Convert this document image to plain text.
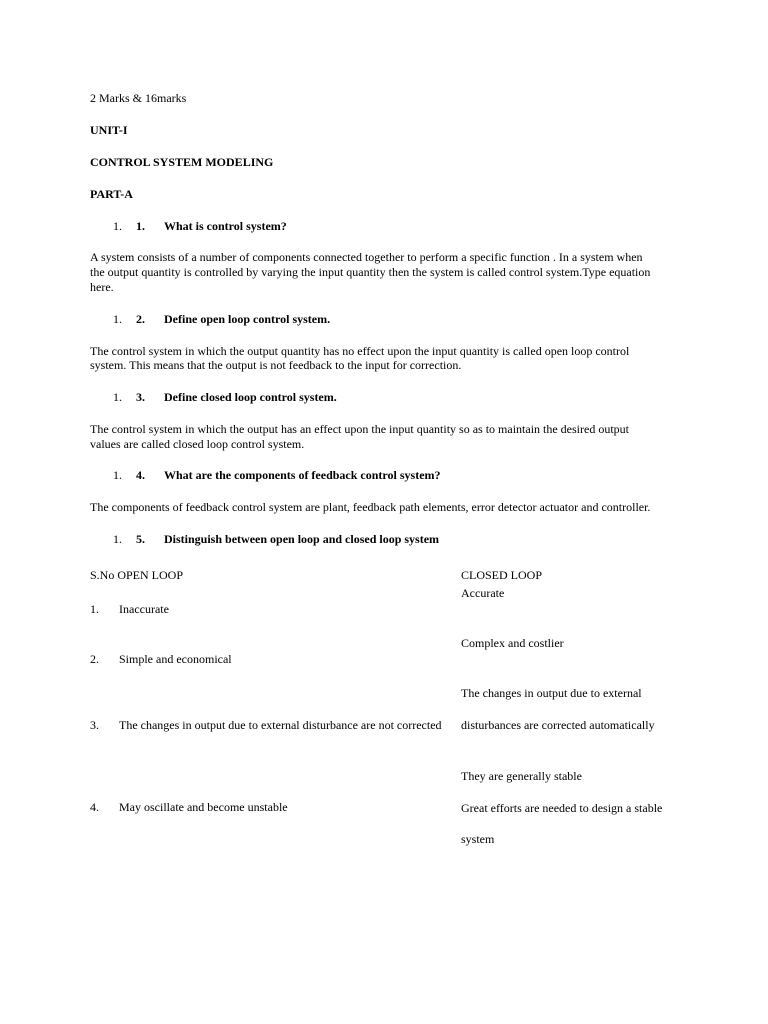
2 Marks & 16marks
UNIT-I
CONTROL SYSTEM MODELING
PART-A
1. 1. What is control system?
A system consists of a number of components connected together to perform a specific function . In a system when
the output quantity is controlled by varying the input quantity then the system is called control system.Type equation
here.
1. 2. Define open loop control system.
The control system in which the output quantity has no effect upon the input quantity is called open loop control
system. This means that the output is not feedback to the input for correction.
1. 3. Define closed loop control system.
The control system in which the output has an effect upon the input quantity so as to maintain the desired output
values are called closed loop control system.
1. 4. What are the components of feedback control system?
The components of feedback control system are plant, feedback path elements, error detector actuator and controller.
1. 5. Distinguish between open loop and closed loop system
S.No OPEN LOOP	CLOSED LOOP
Accurate
Complex and costlier
The changes in output due to external
disturbances are corrected automatically
They are generally stable
Great efforts are needed to design a stable
system
1. Inaccurate
2. Simple and economical
3. The changes in output due to external disturbance are not corrected
4. May oscillate and become unstable
